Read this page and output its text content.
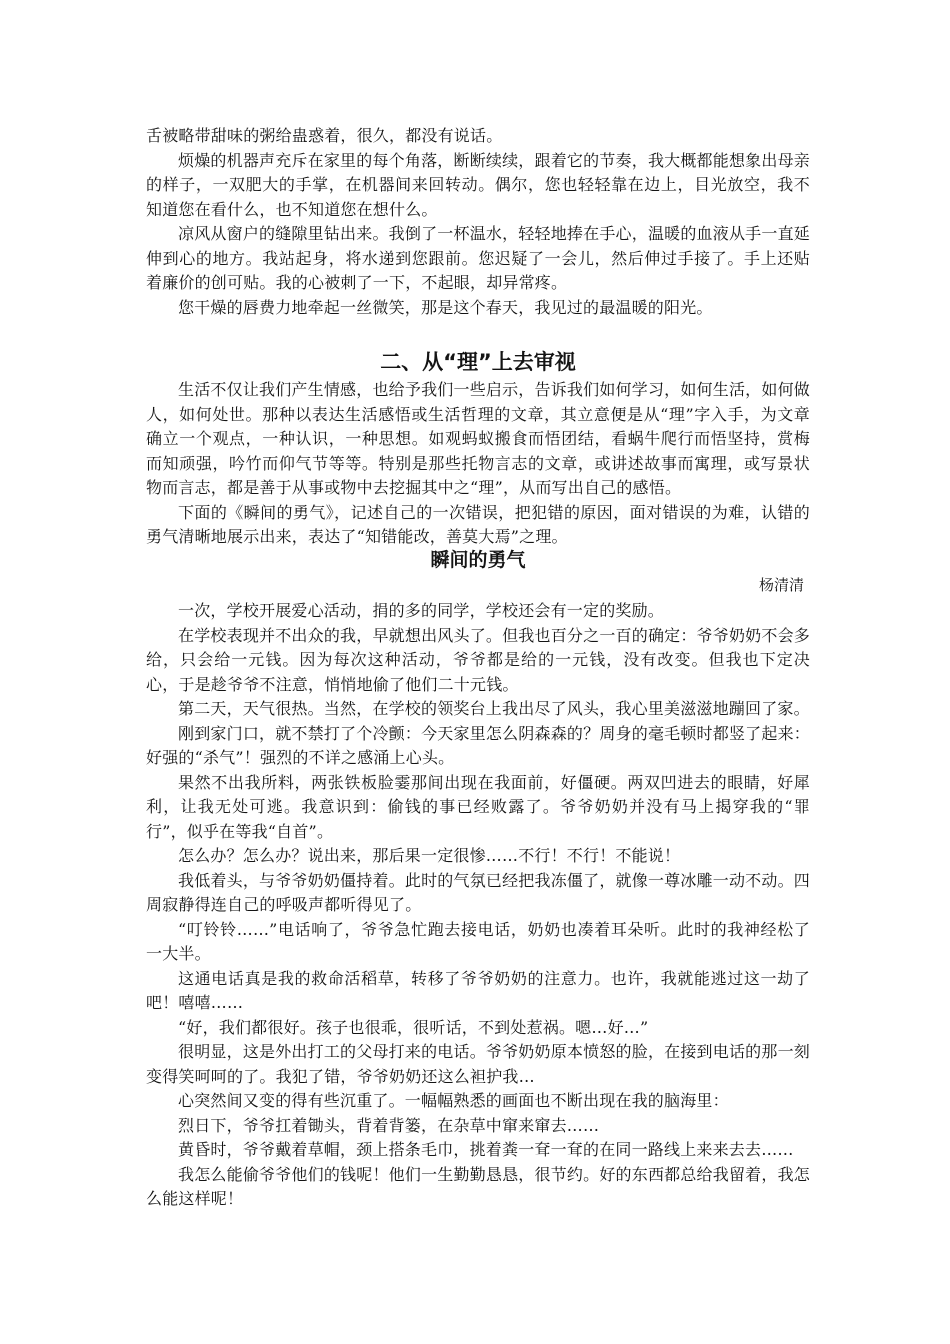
舌被略带甜味的粥给蛊惑着，很久，都没有说话。

烦燥的机器声充斥在家里的每个角落，断断续续，跟着它的节奏，我大概都能想象出母亲的样子，一双肥大的手掌，在机器间来回转动。偶尔，您也轻轻靠在边上，目光放空，我不知道您在看什么，也不知道您在想什么。

凉风从窗户的缝隙里钻出来。我倒了一杯温水，轻轻地捧在手心，温暖的血液从手一直延伸到心的地方。我站起身，将水递到您跟前。您迟疑了一会儿，然后伸过手接了。手上还贴着廉价的创可贴。我的心被刺了一下，不起眼，却异常疼。

您干燥的唇费力地牵起一丝微笑，那是这个春天，我见过的最温暖的阳光。

二、从“理”上去审视

生活不仅让我们产生情感，也给予我们一些启示，告诉我们如何学习，如何生活，如何做人，如何处世。那种以表达生活感悟或生活哲理的文章，其立意便是从“理”字入手，为文章确立一个观点，一种认识，一种思想。如观蚂蚁搬食而悟团结，看蜗牛爬行而悟坚持，赏梅而知顽强，吟竹而仰气节等等。特别是那些托物言志的文章，或讲述故事而寓理，或写景状物而言志，都是善于从事或物中去挖掘其中之“理”，从而写出自己的感悟。

下面的《瞬间的勇气》，记述自己的一次错误，把犯错的原因，面对错误的为难，认错的勇气清晰地展示出来，表达了“知错能改，善莫大焉”之理。

瞬间的勇气

杨清清

一次，学校开展爱心活动，捐的多的同学，学校还会有一定的奖励。

在学校表现并不出众的我，早就想出风头了。但我也百分之一百的确定：爷爷奶奶不会多给，只会给一元钱。因为每次这种活动，爷爷都是给的一元钱，没有改变。但我也下定决心，于是趁爷爷不注意，悄悄地偷了他们二十元钱。

第二天，天气很热。当然，在学校的领奖台上我出尽了风头，我心里美滋滋地蹦回了家。

刚到家门口，就不禁打了个冷颤：今天家里怎么阴森森的？周身的毫毛顿时都竖了起来：好强的“杀气”！强烈的不详之感涌上心头。

果然不出我所料，两张铁板脸霎那间出现在我面前，好僵硬。两双凹进去的眼睛，好犀利，让我无处可逃。我意识到：偷钱的事已经败露了。爷爷奶奶并没有马上揭穿我的“罪行”，似乎在等我“自首”。

怎么办？怎么办？说出来，那后果一定很惨……不行！不行！不能说！

我低着头，与爷爷奶奶僵持着。此时的气氛已经把我冻僵了，就像一尊冰雕一动不动。四周寂静得连自己的呼吸声都听得见了。

“叮铃铃……”电话响了，爷爷急忙跑去接电话，奶奶也凑着耳朵听。此时的我神经松了一大半。

这通电话真是我的救命活稻草，转移了爷爷奶奶的注意力。也许，我就能逃过这一劫了吧！嘻嘻……

“好，我们都很好。孩子也很乖，很听话，不到处惹祸。嗯…好…”

很明显，这是外出打工的父母打来的电话。爷爷奶奶原本愤怒的脸，在接到电话的那一刻变得笑呵呵的了。我犯了错，爷爷奶奶还这么袒护我…

心突然间又变的得有些沉重了。一幅幅熟悉的画面也不断出现在我的脑海里：

烈日下，爷爷扛着锄头，背着背篓，在杂草中窜来窜去……

黄昏时，爷爷戴着草帽，颈上搭条毛巾，挑着粪一耷一耷的在同一路线上来来去去……

我怎么能偷爷爷他们的钱呢！他们一生勤勤恳恳，很节约。好的东西都总给我留着，我怎么能这样呢！
